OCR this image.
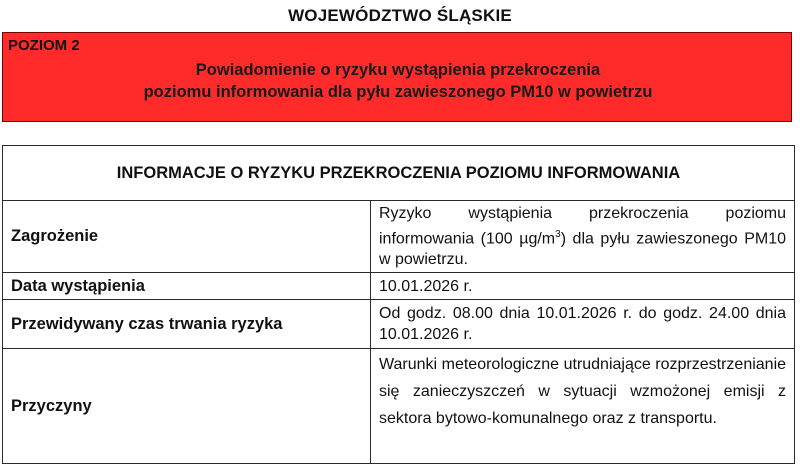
WOJEWÓDZTWO ŚLĄSKIE
POZIOM 2
Powiadomienie o ryzyku wystąpienia przekroczenia
poziomu informowania dla pyłu zawieszonego PM10 w powietrzu
INFORMACJE O RYZYKU PRZEKROCZENIA POZIOMU INFORMOWANIA	
Zagrożenie	Ryzyko wystąpienia przekroczenia poziomu informowania (100 $\mu g/m^3$) dla pyłu zawieszonego PM10 w powietrzu.
Data wystąpienia	10.01.2026 r.
Przewidywany czas trwania ryzyka	Od godz. 08.00 dnia 10.01.2026 r. do godz. 24.00 dnia 10.01.2026 r.
Przyczyny	Warunki meteorologiczne utrudniające rozprzestrzenianie się zanieczyszczeń w sytuacji wzmożonej emisji z sektora bytowo-komunalnego oraz z transportu.
